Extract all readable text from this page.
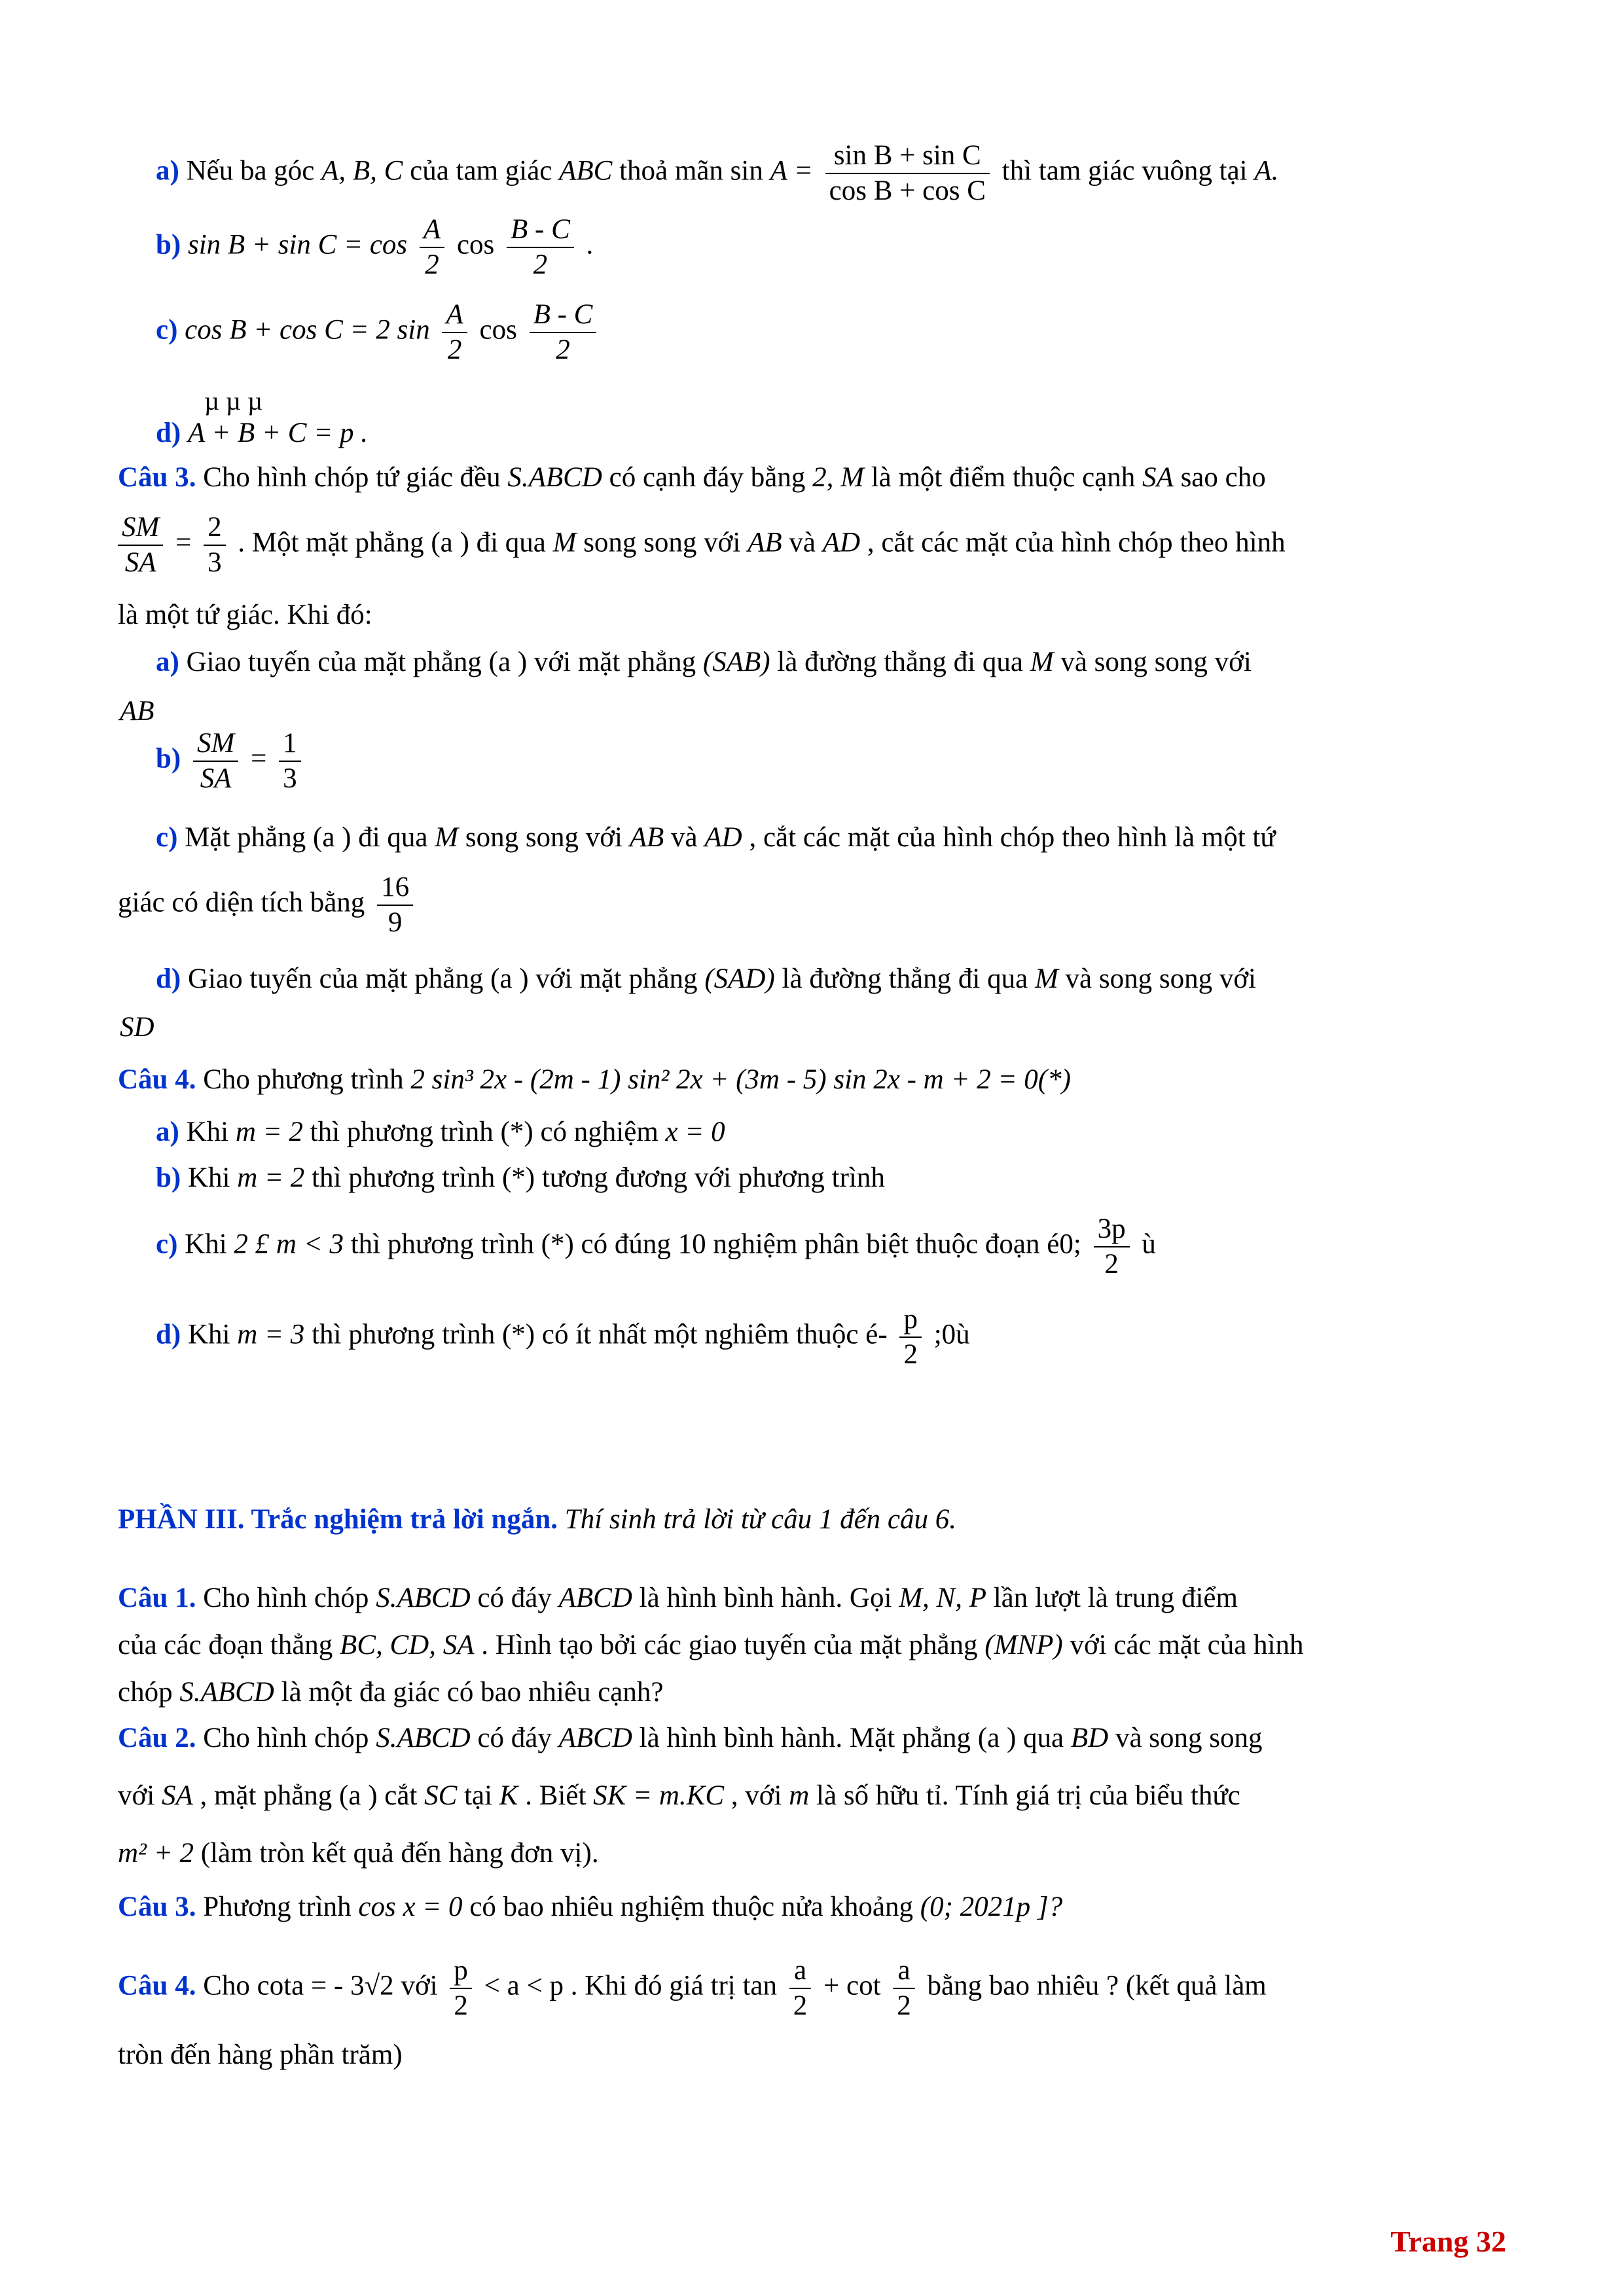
a) Nếu ba góc A, B, C của tam giác ABC thoả mãn $\sin A = \frac{\text{sin B + sin C}}{\text{cos B + cos C}}$ thì tam giác vuông tại A.
b) $\sin B + \sin C = \cos \frac{A}{2}$ $\cos \frac{B - C}{2}$ .
c) cos B + cos C = 2 $\sin \frac{A}{2}$ $\cos \frac{B - C}{2}$
µ µ µ
d) A + B + C = p .
Câu 3. Cho hình chóp tứ giác đều S.ABCD có cạnh đáy bằng 2, M là một điểm thuộc cạnh SA sao cho
$\frac{SM}{SA} = \frac{2}{3}$ . Một mặt phẳng (a ) đi qua M song song với AB và AD , cắt các mặt của hình chóp theo hình
là một tứ giác. Khi đó:
a) Giao tuyến của mặt phẳng (a ) với mặt phẳng (SAB) là đường thẳng đi qua M và song song với
AB
$b) \frac{SM}{SA} = \frac{1}{3}$
c) Mặt phẳng (a ) đi qua M song song với AB và AD , cắt các mặt của hình chóp theo hình là một tứ
giác có diện tích bằng $\frac{16}{9}$
d) Giao tuyến của mặt phẳng (a ) với mặt phẳng (SAD) là đường thẳng đi qua M và song song với
SD
Câu 4. Cho phương trình 2 sin³ 2x - (2m - 1) sin² 2x + (3m - 5) sin 2x - m + 2 = 0(*)
a) Khi m = 2 thì phương trình (*) có nghiệm x = 0
b) Khi m = 2 thì phương trình (*) tương đương với phương trình
c) Khi 2 £ m < 3 thì phương trình (*) có đúng 10 nghiệm phân biệt thuộc đoạn é0; $\frac{3p}{2}$ ù
d) Khi m = 3 thì phương trình (*) có ít nhất một nghiêm thuộc é- $\frac{p}{2}$ ;0ù
PHẦN III. Trắc nghiệm trả lời ngắn. Thí sinh trả lời từ câu 1 đến câu 6.
Câu 1. Cho hình chóp S.ABCD có đáy ABCD là hình bình hành. Gọi M, N, P lần lượt là trung điểm
của các đoạn thẳng BC, CD, SA . Hình tạo bởi các giao tuyến của mặt phẳng (MNP) với các mặt của hình
chóp S.ABCD là một đa giác có bao nhiêu cạnh?
Câu 2. Cho hình chóp S.ABCD có đáy ABCD là hình bình hành. Mặt phẳng (a ) qua BD và song song
với SA , mặt phẳng (a ) cắt SC tại K . Biết SK = m.KC , với m là số hữu tỉ. Tính giá trị của biểu thức
m² + 2 (làm tròn kết quả đến hàng đơn vị).
Câu 3. Phương trình cos x = 0 có bao nhiêu nghiệm thuộc nửa khoảng (0; 2021p ]?
Câu 4. Cho cota = - 3√2 với $\frac{p}{2} < a < p$ . Khi đó giá trị $\tan \frac{a}{2} + \cot \frac{a}{2}$ bằng bao nhiêu ? (kết quả làm
tròn đến hàng phần trăm)
Trang 32
